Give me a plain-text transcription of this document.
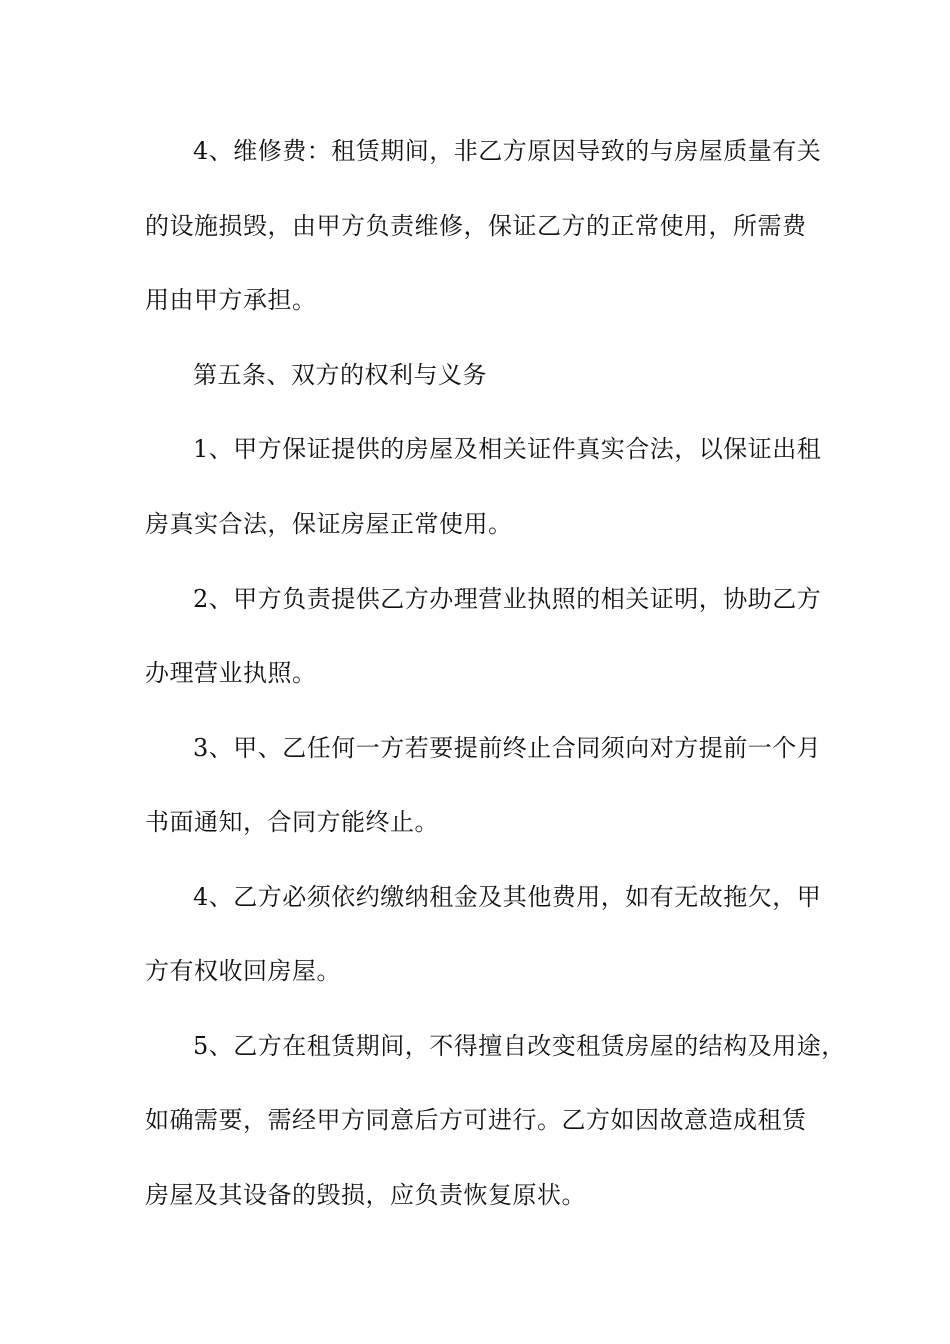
4、维修费：租赁期间，非乙方原因导致的与房屋质量有关
的设施损毁，由甲方负责维修，保证乙方的正常使用，所需费
用由甲方承担。
第五条、双方的权利与义务
1、甲方保证提供的房屋及相关证件真实合法，以保证出租
房真实合法，保证房屋正常使用。
2、甲方负责提供乙方办理营业执照的相关证明，协助乙方
办理营业执照。
3、甲、乙任何一方若要提前终止合同须向对方提前一个月
书面通知，合同方能终止。
4、乙方必须依约缴纳租金及其他费用，如有无故拖欠，甲
方有权收回房屋。
5、乙方在租赁期间，不得擅自改变租赁房屋的结构及用途，
如确需要，需经甲方同意后方可进行。乙方如因故意造成租赁
房屋及其设备的毁损，应负责恢复原状。
